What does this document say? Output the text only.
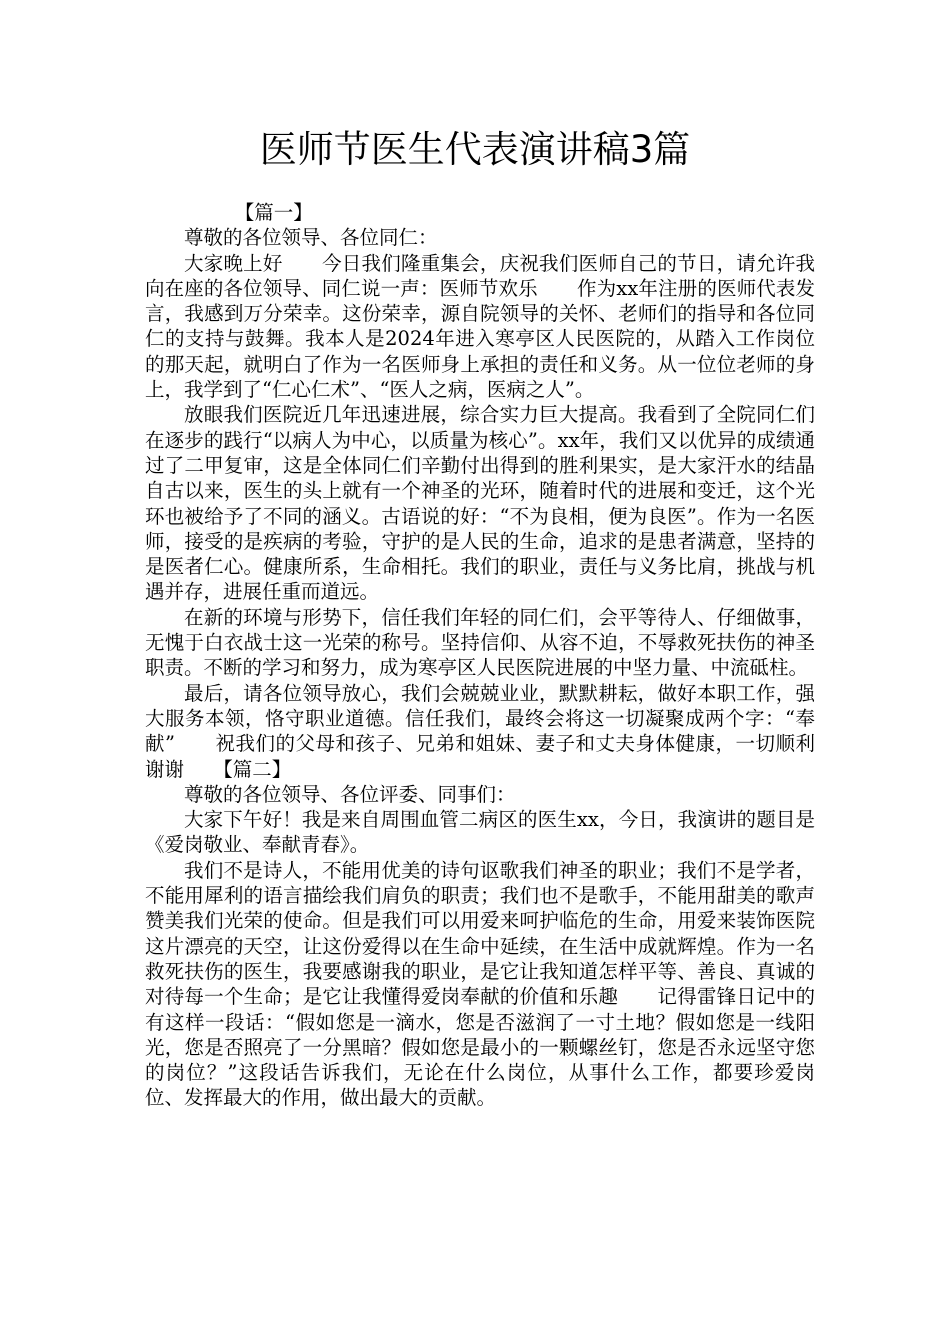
医师节医生代表演讲稿3篇

【篇一】

尊敬的各位领导、各位同仁：

大家晚上好　　今日我们隆重集会，庆祝我们医师自己的节日，请允许我向在座的各位领导、同仁说一声：医师节欢乐　　作为xx年注册的医师代表发言，我感到万分荣幸。这份荣幸，源自院领导的关怀、老师们的指导和各位同仁的支持与鼓舞。我本人是2024年进入寒亭区人民医院的，从踏入工作岗位的那天起，就明白了作为一名医师身上承担的责任和义务。从一位位老师的身上，我学到了“仁心仁术”、“医人之病，医病之人”。

放眼我们医院近几年迅速进展，综合实力巨大提高。我看到了全院同仁们在逐步的践行“以病人为中心，以质量为核心”。xx年，我们又以优异的成绩通过了二甲复审，这是全体同仁们辛勤付出得到的胜利果实，是大家汗水的结晶　　自古以来，医生的头上就有一个神圣的光环，随着时代的进展和变迁，这个光环也被给予了不同的涵义。古语说的好：“不为良相，便为良医”。作为一名医师，接受的是疾病的考验，守护的是人民的生命，追求的是患者满意，坚持的是医者仁心。健康所系，生命相托。我们的职业，责任与义务比肩，挑战与机遇并存，进展任重而道远。

在新的环境与形势下，信任我们年轻的同仁们，会平等待人、仔细做事，无愧于白衣战士这一光荣的称号。坚持信仰、从容不迫，不辱救死扶伤的神圣职责。不断的学习和努力，成为寒亭区人民医院进展的中坚力量、中流砥柱。

最后，请各位领导放心，我们会兢兢业业，默默耕耘，做好本职工作，强大服务本领，恪守职业道德。信任我们，最终会将这一切凝聚成两个字：“奉献”　　祝我们的父母和孩子、兄弟和姐妹、妻子和丈夫身体健康，一切顺利　　谢谢　　【篇二】

尊敬的各位领导、各位评委、同事们：

大家下午好！我是来自周围血管二病区的医生xx，今日，我演讲的题目是《爱岗敬业、奉献青春》。

我们不是诗人，不能用优美的诗句讴歌我们神圣的职业；我们不是学者，不能用犀利的语言描绘我们肩负的职责；我们也不是歌手，不能用甜美的歌声赞美我们光荣的使命。但是我们可以用爱来呵护临危的生命，用爱来装饰医院这片漂亮的天空，让这份爱得以在生命中延续，在生活中成就辉煌。作为一名救死扶伤的医生，我要感谢我的职业，是它让我知道怎样平等、善良、真诚的对待每一个生命；是它让我懂得爱岗奉献的价值和乐趣　　记得雷锋日记中的有这样一段话：“假如您是一滴水，您是否滋润了一寸土地？假如您是一线阳光，您是否照亮了一分黑暗？假如您是最小的一颗螺丝钉，您是否永远坚守您的岗位？”这段话告诉我们，无论在什么岗位，从事什么工作，都要珍爱岗位、发挥最大的作用，做出最大的贡献。
